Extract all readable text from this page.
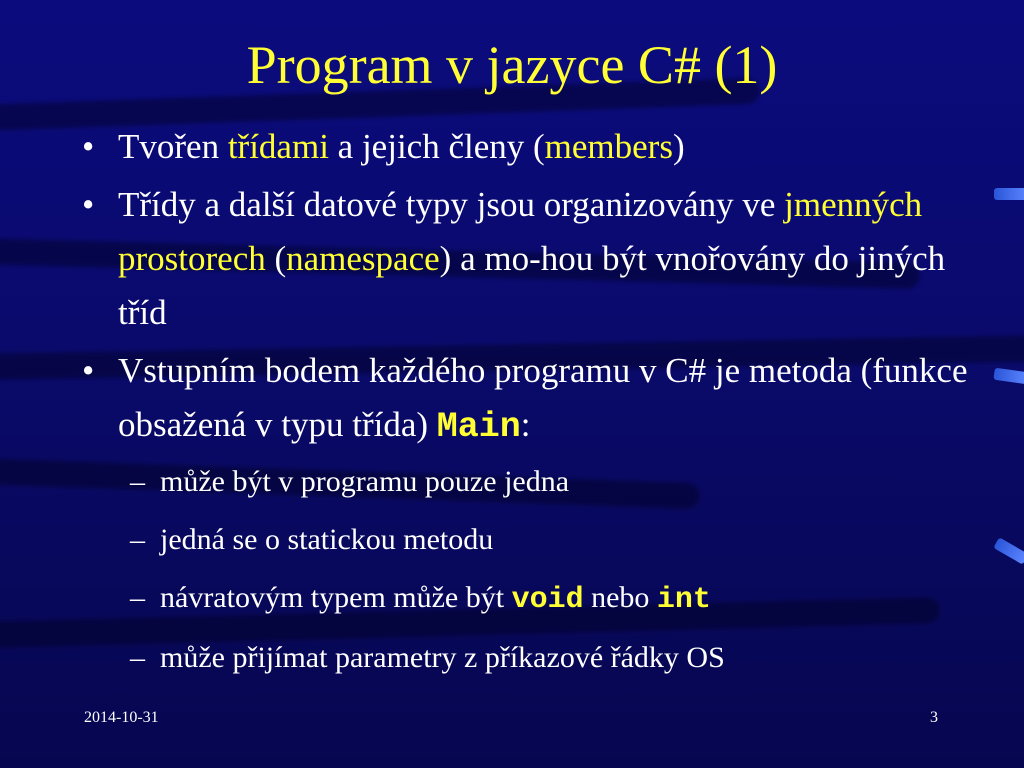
Program v jazyce C# (1)
• Tvořen třídami a jejich členy (members)
• Třídy a další datové typy jsou organizovány ve jmenných prostorech (namespace) a mo-hou být vnořovány do jiných tříd
• Vstupním bodem každého programu v C# je metoda (funkce obsažená v typu třída) Main:
– může být v programu pouze jedna
– jedná se o statickou metodu
– návratovým typem může být void nebo int
– může přijímat parametry z příkazové řádky OS
2014-10-31	3
